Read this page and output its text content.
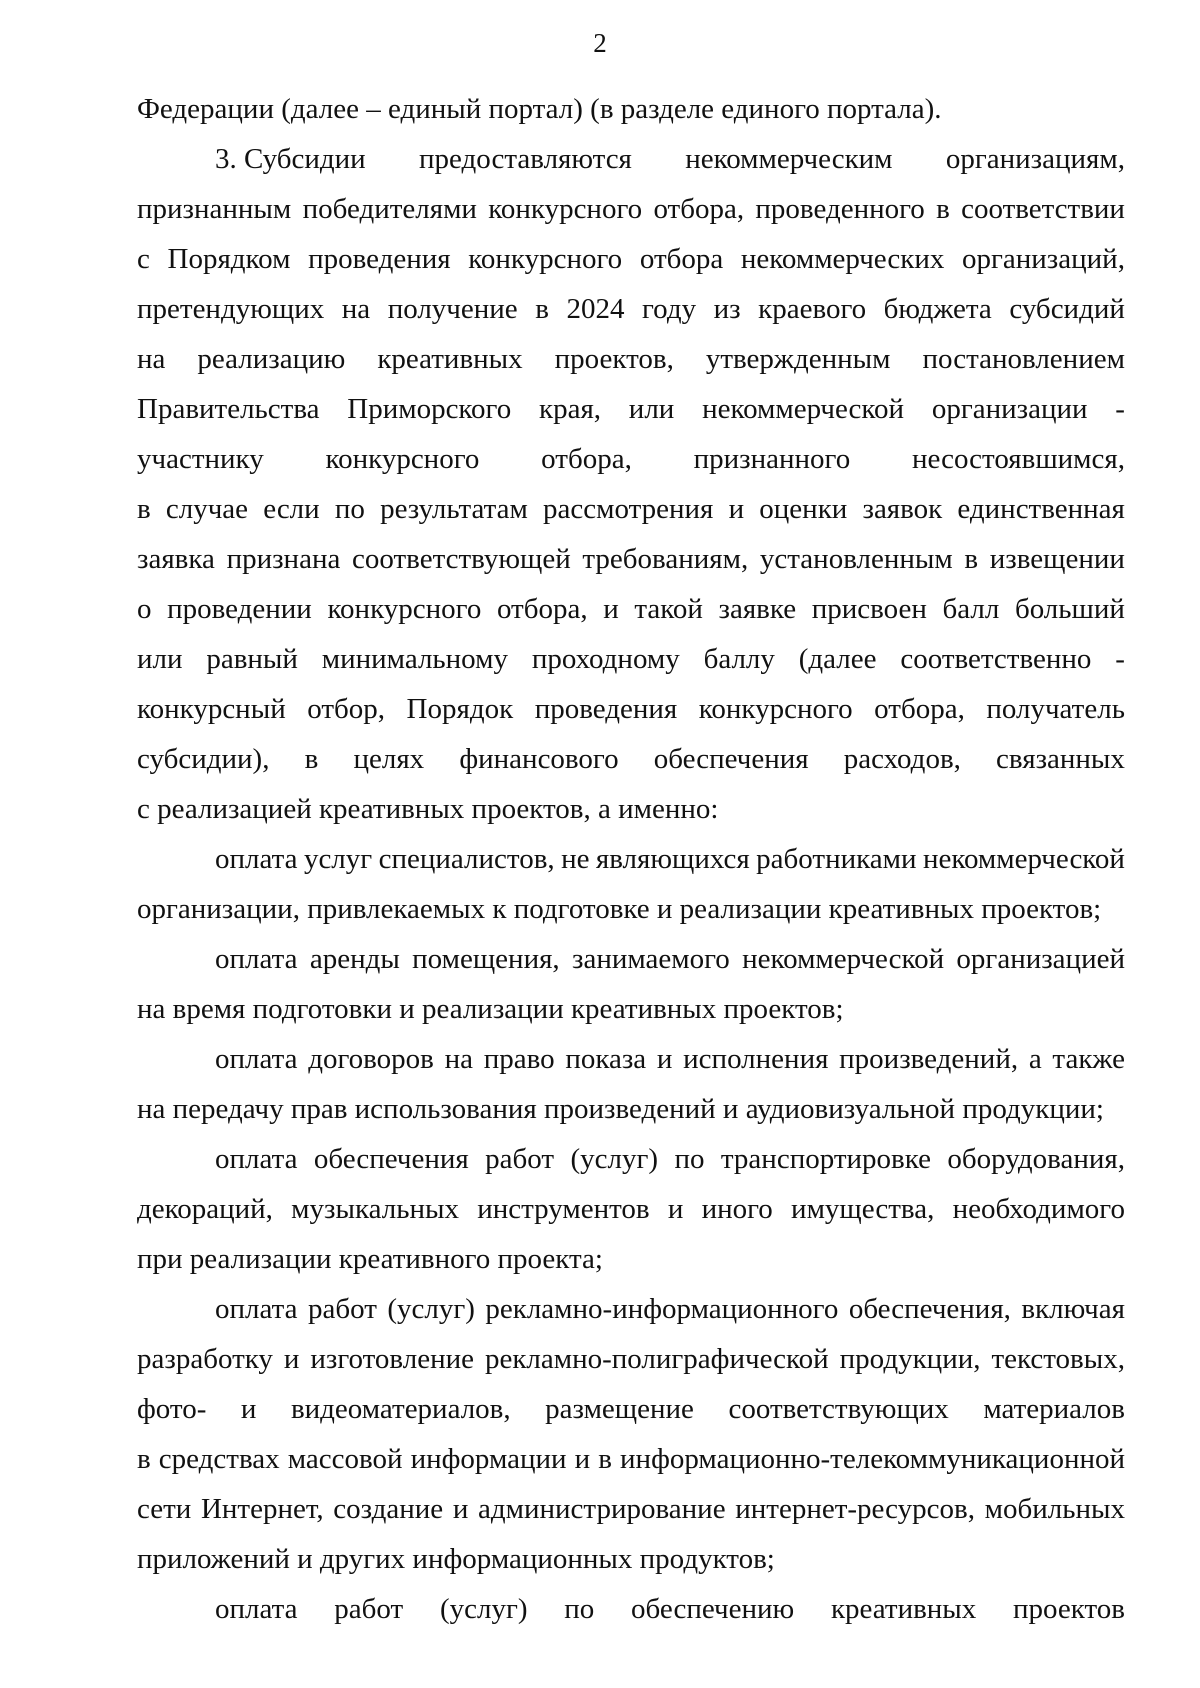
2
Федерации (далее – единый портал) (в разделе единого портала).
3. Субсидии предоставляются некоммерческим организациям,
признанным победителями конкурсного отбора, проведенного в соответствии
с Порядком проведения конкурсного отбора некоммерческих организаций,
претендующих на получение в 2024 году из краевого бюджета субсидий
на реализацию креативных проектов, утвержденным постановлением
Правительства Приморского края, или некоммерческой организации -
участнику конкурсного отбора, признанного несостоявшимся,
в случае если по результатам рассмотрения и оценки заявок единственная
заявка признана соответствующей требованиям, установленным в извещении
о проведении конкурсного отбора, и такой заявке присвоен балл больший
или равный минимальному проходному баллу (далее соответственно -
конкурсный отбор, Порядок проведения конкурсного отбора, получатель
субсидии), в целях финансового обеспечения расходов, связанных
с реализацией креативных проектов, а именно:
оплата услуг специалистов, не являющихся работниками некоммерческой
организации, привлекаемых к подготовке и реализации креативных проектов;
оплата аренды помещения, занимаемого некоммерческой организацией
на время подготовки и реализации креативных проектов;
оплата договоров на право показа и исполнения произведений, а также
на передачу прав использования произведений и аудиовизуальной продукции;
оплата обеспечения работ (услуг) по транспортировке оборудования,
декораций, музыкальных инструментов и иного имущества, необходимого
при реализации креативного проекта;
оплата работ (услуг) рекламно-информационного обеспечения, включая
разработку и изготовление рекламно-полиграфической продукции, текстовых,
фото- и видеоматериалов, размещение соответствующих материалов
в средствах массовой информации и в информационно-телекоммуникационной
сети Интернет, создание и администрирование интернет-ресурсов, мобильных
приложений и других информационных продуктов;
оплата работ (услуг) по обеспечению креативных проектов
